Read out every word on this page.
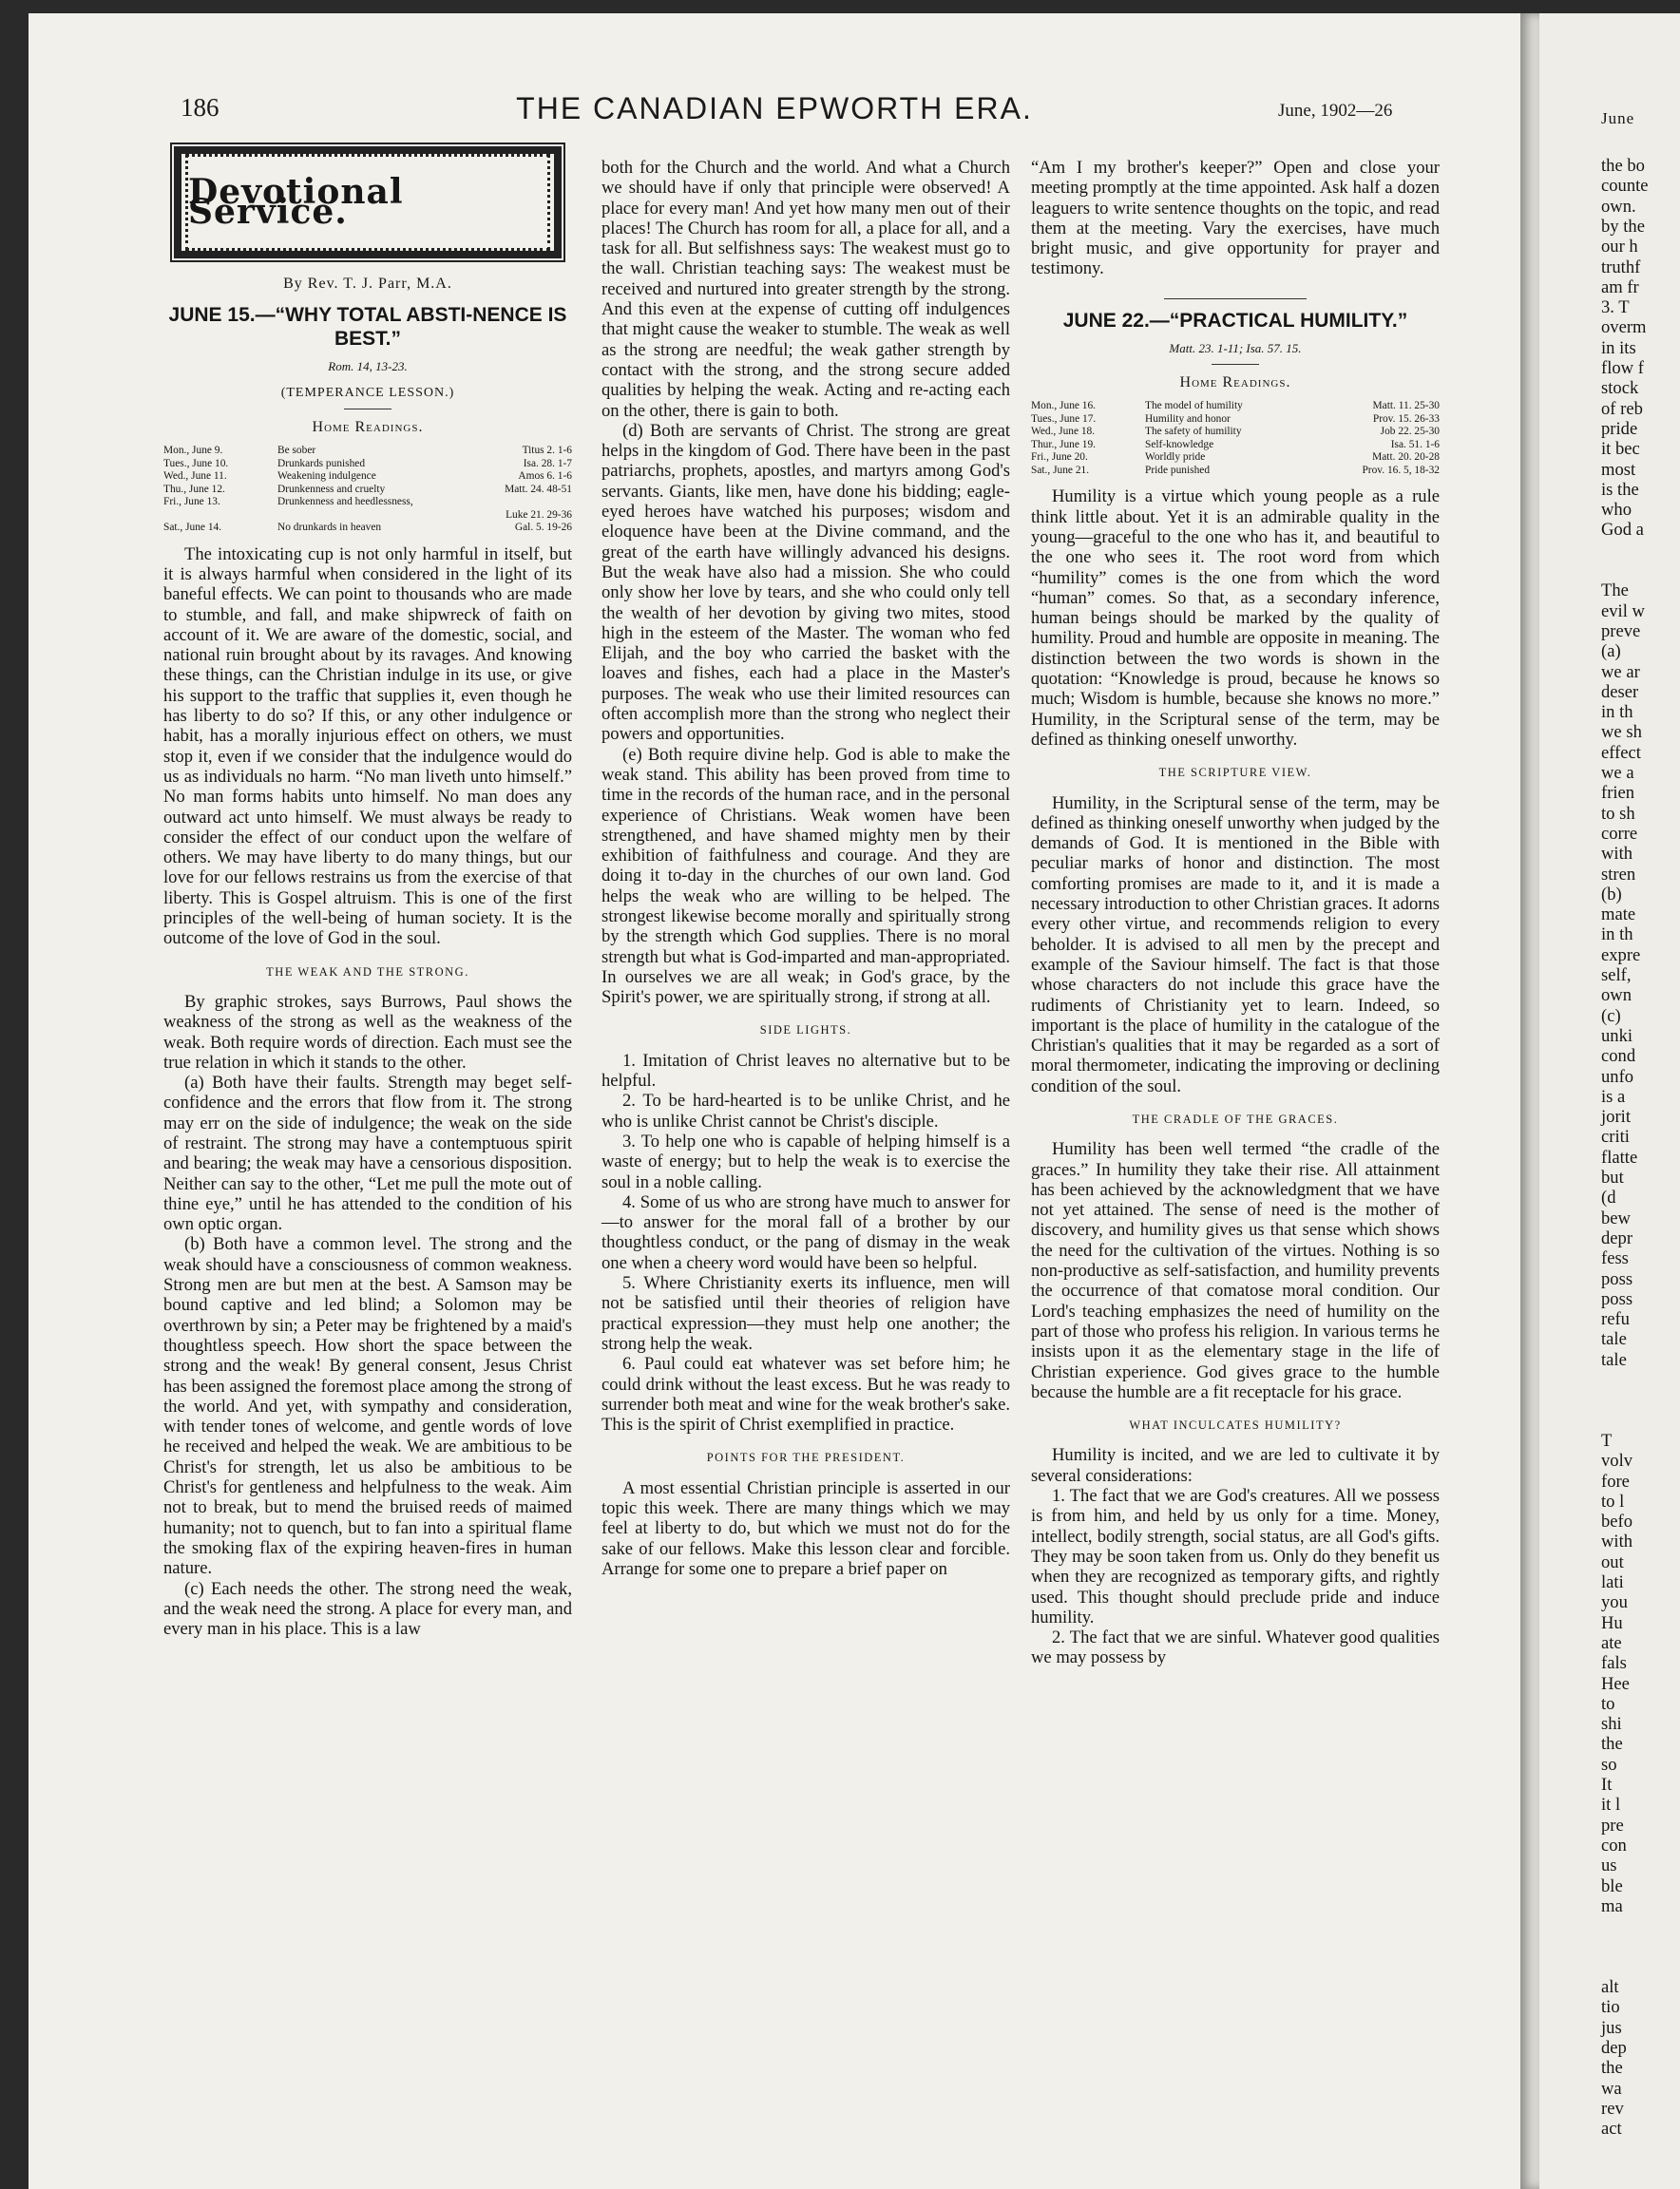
186	THE CANADIAN EPWORTH ERA.	June, 1902—26
Devotional Service.
By Rev. T. J. Parr, M.A.
JUNE 15.—“WHY TOTAL ABSTI-NENCE IS BEST.”
Rom. 14, 13-23.
(TEMPERANCE LESSON.)
Home Readings.
Mon., June 9.	Be sober	Titus 2. 1-6
Tues., June 10.	Drunkards punished	Isa. 28. 1-7
Wed., June 11.	Weakening indulgence	Amos 6. 1-6
Thu., June 12.	Drunkenness and cruelty	Matt. 24. 48-51
Fri., June 13.	Drunkenness and heedlessness,	
		Luke 21. 29-36
Sat., June 14.	No drunkards in heaven	Gal. 5. 19-26

The intoxicating cup is not only harmful in itself, but it is always harmful when considered in the light of its baneful effects. We can point to thousands who are made to stumble, and fall, and make shipwreck of faith on account of it. We are aware of the domestic, social, and national ruin brought about by its ravages. And knowing these things, can the Christian indulge in its use, or give his support to the traffic that supplies it, even though he has liberty to do so? If this, or any other indulgence or habit, has a morally injurious effect on others, we must stop it, even if we consider that the indulgence would do us as individuals no harm. “No man liveth unto himself.” No man forms habits unto himself. No man does any outward act unto himself. We must always be ready to consider the effect of our conduct upon the welfare of others. We may have liberty to do many things, but our love for our fellows restrains us from the exercise of that liberty. This is Gospel altruism. This is one of the first principles of the well-being of human society. It is the outcome of the love of God in the soul.

THE WEAK AND THE STRONG.

By graphic strokes, says Burrows, Paul shows the weakness of the strong as well as the weakness of the weak. Both require words of direction. Each must see the true relation in which it stands to the other.

(a) Both have their faults. Strength may beget self-confidence and the errors that flow from it. The strong may err on the side of indulgence; the weak on the side of restraint. The strong may have a contemptuous spirit and bearing; the weak may have a censorious disposition. Neither can say to the other, “Let me pull the mote out of thine eye,” until he has attended to the condition of his own optic organ.

(b) Both have a common level. The strong and the weak should have a consciousness of common weakness. Strong men are but men at the best. A Samson may be bound captive and led blind; a Solomon may be overthrown by sin; a Peter may be frightened by a maid's thoughtless speech. How short the space between the strong and the weak! By general consent, Jesus Christ has been assigned the foremost place among the strong of the world. And yet, with sympathy and consideration, with tender tones of welcome, and gentle words of love he received and helped the weak. We are ambitious to be Christ's for strength, let us also be ambitious to be Christ's for gentleness and helpfulness to the weak. Aim not to break, but to mend the bruised reeds of maimed humanity; not to quench, but to fan into a spiritual flame the smoking flax of the expiring heaven-fires in human nature.

(c) Each needs the other. The strong need the weak, and the weak need the strong. A place for every man, and every man in his place. This is a law

both for the Church and the world. And what a Church we should have if only that principle were observed! A place for every man! And yet how many men out of their places! The Church has room for all, a place for all, and a task for all. But selfishness says: The weakest must go to the wall. Christian teaching says: The weakest must be received and nurtured into greater strength by the strong. And this even at the expense of cutting off indulgences that might cause the weaker to stumble. The weak as well as the strong are needful; the weak gather strength by contact with the strong, and the strong secure added qualities by helping the weak. Acting and re-acting each on the other, there is gain to both.

(d) Both are servants of Christ. The strong are great helps in the kingdom of God. There have been in the past patriarchs, prophets, apostles, and martyrs among God's servants. Giants, like men, have done his bidding; eagle-eyed heroes have watched his purposes; wisdom and eloquence have been at the Divine command, and the great of the earth have willingly advanced his designs. But the weak have also had a mission. She who could only show her love by tears, and she who could only tell the wealth of her devotion by giving two mites, stood high in the esteem of the Master. The woman who fed Elijah, and the boy who carried the basket with the loaves and fishes, each had a place in the Master's purposes. The weak who use their limited resources can often accomplish more than the strong who neglect their powers and opportunities.

(e) Both require divine help. God is able to make the weak stand. This ability has been proved from time to time in the records of the human race, and in the personal experience of Christians. Weak women have been strengthened, and have shamed mighty men by their exhibition of faithfulness and courage. And they are doing it to-day in the churches of our own land. God helps the weak who are willing to be helped. The strongest likewise become morally and spiritually strong by the strength which God supplies. There is no moral strength but what is God-imparted and man-appropriated. In ourselves we are all weak; in God's grace, by the Spirit's power, we are spiritually strong, if strong at all.

SIDE LIGHTS.

1. Imitation of Christ leaves no alternative but to be helpful.

2. To be hard-hearted is to be unlike Christ, and he who is unlike Christ cannot be Christ's disciple.

3. To help one who is capable of helping himself is a waste of energy; but to help the weak is to exercise the soul in a noble calling.

4. Some of us who are strong have much to answer for—to answer for the moral fall of a brother by our thoughtless conduct, or the pang of dismay in the weak one when a cheery word would have been so helpful.

5. Where Christianity exerts its influence, men will not be satisfied until their theories of religion have practical expression—they must help one another; the strong help the weak.

6. Paul could eat whatever was set before him; he could drink without the least excess. But he was ready to surrender both meat and wine for the weak brother's sake. This is the spirit of Christ exemplified in practice.

POINTS FOR THE PRESIDENT.

A most essential Christian principle is asserted in our topic this week. There are many things which we may feel at liberty to do, but which we must not do for the sake of our fellows. Make this lesson clear and forcible. Arrange for some one to prepare a brief paper on

“Am I my brother's keeper?” Open and close your meeting promptly at the time appointed. Ask half a dozen leaguers to write sentence thoughts on the topic, and read them at the meeting. Vary the exercises, have much bright music, and give opportunity for prayer and testimony.

JUNE 22.—“PRACTICAL HUMILITY.”
Matt. 23. 1-11; Isa. 57. 15.
Home Readings.
Mon., June 16.	The model of humility	Matt. 11. 25-30
Tues., June 17.	Humility and honor	Prov. 15. 26-33
Wed., June 18.	The safety of humility	Job 22. 25-30
Thur., June 19.	Self-knowledge	Isa. 51. 1-6
Fri., June 20.	Worldly pride	Matt. 20. 20-28
Sat., June 21.	Pride punished	Prov. 16. 5, 18-32

Humility is a virtue which young people as a rule think little about. Yet it is an admirable quality in the young—graceful to the one who has it, and beautiful to the one who sees it. The root word from which “humility” comes is the one from which the word “human” comes. So that, as a secondary inference, human beings should be marked by the quality of humility. Proud and humble are opposite in meaning. The distinction between the two words is shown in the quotation: “Knowledge is proud, because he knows so much; Wisdom is humble, because she knows no more.” Humility, in the Scriptural sense of the term, may be defined as thinking oneself unworthy.

THE SCRIPTURE VIEW.

Humility, in the Scriptural sense of the term, may be defined as thinking oneself unworthy when judged by the demands of God. It is mentioned in the Bible with peculiar marks of honor and distinction. The most comforting promises are made to it, and it is made a necessary introduction to other Christian graces. It adorns every other virtue, and recommends religion to every beholder. It is advised to all men by the precept and example of the Saviour himself. The fact is that those whose characters do not include this grace have the rudiments of Christianity yet to learn. Indeed, so important is the place of humility in the catalogue of the Christian's qualities that it may be regarded as a sort of moral thermometer, indicating the improving or declining condition of the soul.

THE CRADLE OF THE GRACES.

Humility has been well termed “the cradle of the graces.” In humility they take their rise. All attainment has been achieved by the acknowledgment that we have not yet attained. The sense of need is the mother of discovery, and humility gives us that sense which shows the need for the cultivation of the virtues. Nothing is so non-productive as self-satisfaction, and humility prevents the occurrence of that comatose moral condition. Our Lord's teaching emphasizes the need of humility on the part of those who profess his religion. In various terms he insists upon it as the elementary stage in the life of Christian experience. God gives grace to the humble because the humble are a fit receptacle for his grace.

WHAT INCULCATES HUMILITY?

Humility is incited, and we are led to cultivate it by several considerations:

1. The fact that we are God's creatures. All we possess is from him, and held by us only for a time. Money, intellect, bodily strength, social status, are all God's gifts. They may be soon taken from us. Only do they benefit us when they are recognized as temporary gifts, and rightly used. This thought should preclude pride and induce humility.

2. The fact that we are sinful. Whatever good qualities we may possess by

June
the bo
counte
own.
by the
our h
truthf
am fr
3. T
overm
in its
flow f
stock
of reb
pride
it bec
most
is the
who
God a
The
evil w
preve
(a)
we ar
deser
in th
we sh
effect
we a
frien
to sh
corre
with
stren
(b)
mate
in th
expre
self,
own
(c)
unki
cond
unfo
is a
jorit
criti
flatte
but
(d
bew
depr
fess
poss
poss
refu
tale
tale
T
volv
fore
to l
befo
with
out
lati
you
Hu
ate
fals
Hee
to
shi
the
so
It
it l
pre
con
us
ble
ma
alt
tio
jus
dep
the
wa
rev
act
